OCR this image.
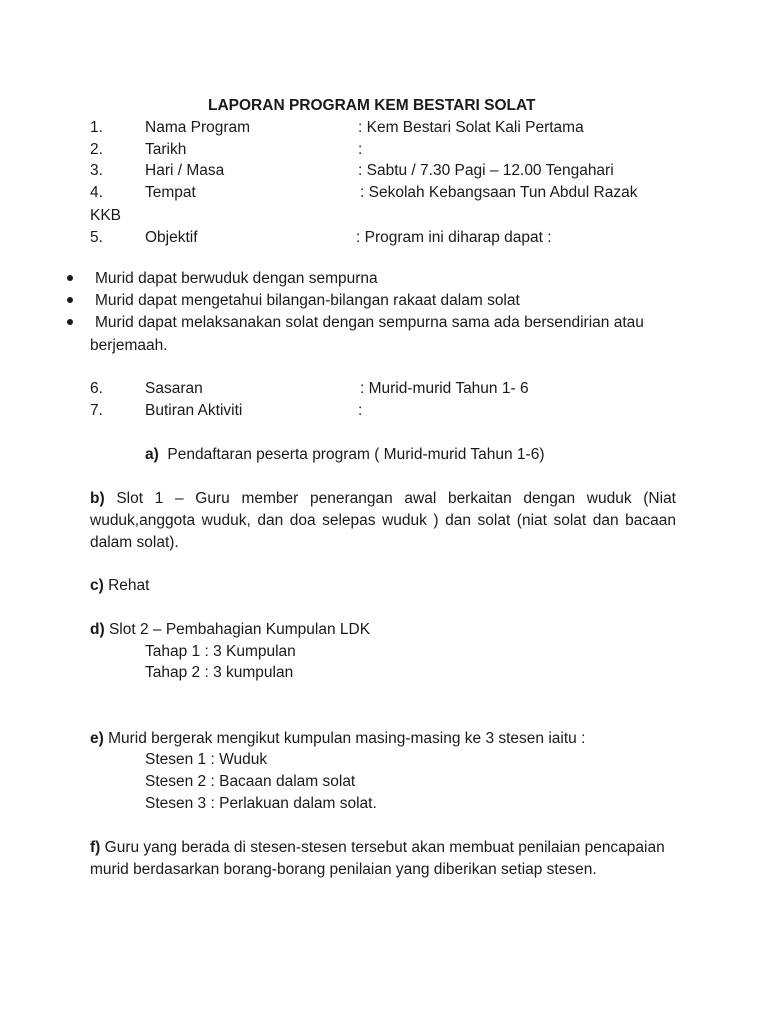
LAPORAN PROGRAM KEM BESTARI SOLAT
1.	Nama Program	: Kem Bestari Solat Kali Pertama
2.	Tarikh	:
3.	Hari / Masa	: Sabtu / 7.30 Pagi – 12.00 Tengahari
4.	Tempat	: Sekolah Kebangsaan Tun Abdul Razak
KKB
5.	Objektif	: Program ini diharap dapat :
Murid dapat berwuduk dengan sempurna
Murid dapat mengetahui bilangan-bilangan rakaat dalam solat
Murid dapat melaksanakan solat dengan sempurna sama ada bersendirian atau
berjemaah.
6.	Sasaran	: Murid-murid Tahun 1- 6
7.	Butiran Aktiviti	:
a) Pendaftaran peserta program ( Murid-murid Tahun 1-6)
b) Slot 1 – Guru member penerangan awal berkaitan dengan wuduk (Niat wuduk,anggota wuduk, dan doa selepas wuduk ) dan solat (niat solat dan bacaan dalam solat).
c) Rehat
d) Slot 2 – Pembahagian Kumpulan LDK
Tahap 1 : 3 Kumpulan
Tahap 2 : 3 kumpulan
e) Murid bergerak mengikut kumpulan masing-masing ke 3 stesen iaitu :
Stesen 1 : Wuduk
Stesen 2 : Bacaan dalam solat
Stesen 3 : Perlakuan dalam solat.
f) Guru yang berada di stesen-stesen tersebut akan membuat penilaian pencapaian murid berdasarkan borang-borang penilaian yang diberikan setiap stesen.
